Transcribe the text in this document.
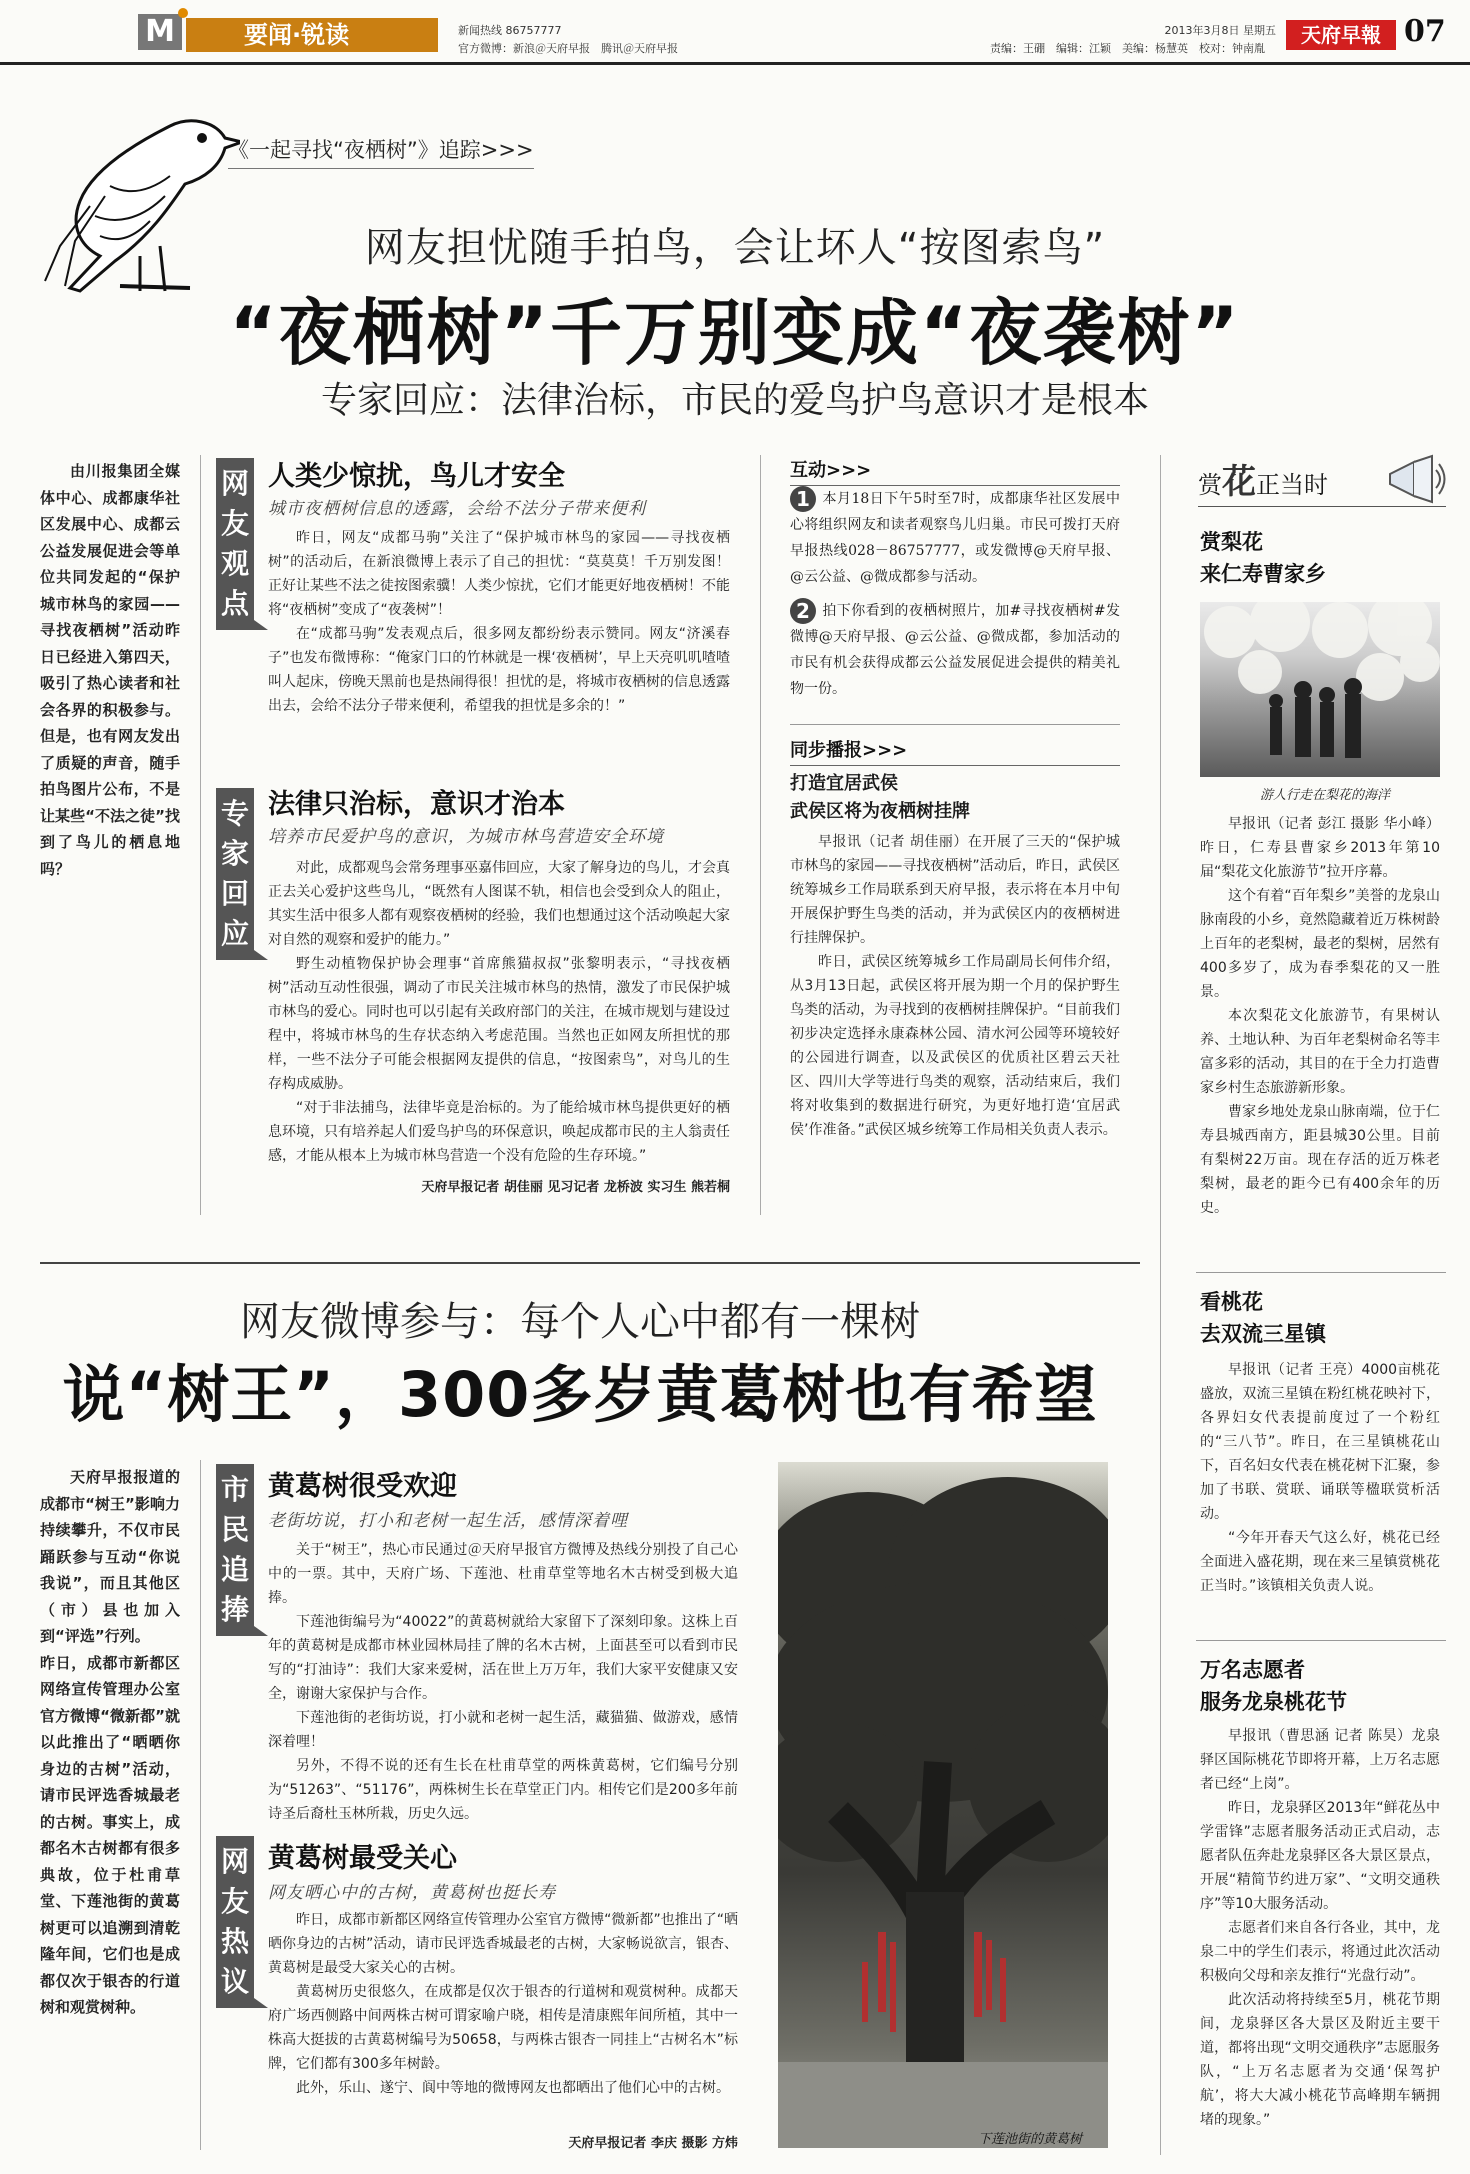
M	要闻·锐读	新闻热线 86757777
官方微博：新浪＠天府早报　腾讯＠天府早报
2013年3月8日 星期五
责编：王硼　编辑：江颖　美编：杨慧英　校对：钟南胤
天府早報 07
《一起寻找“夜栖树”》追踪>>>
网友担忧随手拍鸟，会让坏人“按图索鸟”
“夜栖树”千万别变成“夜袭树”
专家回应：法律治标，市民的爱鸟护鸟意识才是根本
由川报集团全媒体中心、成都康华社区发展中心、成都云公益发展促进会等单位共同发起的“保护城市林鸟的家园——寻找夜栖树”活动昨日已经进入第四天，吸引了热心读者和社会各界的积极参与。但是，也有网友发出了质疑的声音，随手拍鸟图片公布，不是让某些“不法之徒”找到了鸟儿的栖息地吗？
网
友
观
点
人类少惊扰，鸟儿才安全
城市夜栖树信息的透露，会给不法分子带来便利

昨日，网友“成都马驹”关注了“保护城市林鸟的家园——寻找夜栖树”的活动后，在新浪微博上表示了自己的担忧：“莫莫莫！千万别发图！正好让某些不法之徒按图索骥！人类少惊扰，它们才能更好地夜栖树！不能将“夜栖树”变成了“夜袭树”！

在“成都马驹”发表观点后，很多网友都纷纷表示赞同。网友“济溪春子”也发布微博称：“俺家门口的竹林就是一棵‘夜栖树’，早上天亮叽叽喳喳叫人起床，傍晚天黑前也是热闹得很！担忧的是，将城市夜栖树的信息透露出去，会给不法分子带来便利，希望我的担忧是多余的！”

专
家
回
应
法律只治标，意识才治本
培养市民爱护鸟的意识，为城市林鸟营造安全环境

对此，成都观鸟会常务理事巫嘉伟回应，大家了解身边的鸟儿，才会真正去关心爱护这些鸟儿，“既然有人图谋不轨，相信也会受到众人的阻止，其实生活中很多人都有观察夜栖树的经验，我们也想通过这个活动唤起大家对自然的观察和爱护的能力。”

野生动植物保护协会理事“首席熊猫叔叔”张黎明表示，“寻找夜栖树”活动互动性很强，调动了市民关注城市林鸟的热情，激发了市民保护城市林鸟的爱心。同时也可以引起有关政府部门的关注，在城市规划与建设过程中，将城市林鸟的生存状态纳入考虑范围。当然也正如网友所担忧的那样，一些不法分子可能会根据网友提供的信息，“按图索鸟”，对鸟儿的生存构成威胁。

“对于非法捕鸟，法律毕竟是治标的。为了能给城市林鸟提供更好的栖息环境，只有培养起人们爱鸟护鸟的环保意识，唤起成都市民的主人翁责任感，才能从根本上为城市林鸟营造一个没有危险的生存环境。”

天府早报记者 胡佳丽 见习记者 龙桥波 实习生 熊若桐
互动>>>
1 本月18日下午5时至7时，成都康华社区发展中心将组织网友和读者观察鸟儿归巢。市民可拨打天府早报热线028－86757777，或发微博@天府早报、@云公益、@微成都参与活动。
2 拍下你看到的夜栖树照片，加#寻找夜栖树#发微博@天府早报、@云公益、@微成都，参加活动的市民有机会获得成都云公益发展促进会提供的精美礼物一份。
同步播报>>>
打造宜居武侯
武侯区将为夜栖树挂牌

早报讯（记者 胡佳丽）在开展了三天的“保护城市林鸟的家园——寻找夜栖树”活动后，昨日，武侯区统筹城乡工作局联系到天府早报，表示将在本月中旬开展保护野生鸟类的活动，并为武侯区内的夜栖树进行挂牌保护。

昨日，武侯区统筹城乡工作局副局长何伟介绍，从3月13日起，武侯区将开展为期一个月的保护野生鸟类的活动，为寻找到的夜栖树挂牌保护。“目前我们初步决定选择永康森林公园、清水河公园等环境较好的公园进行调查，以及武侯区的优质社区碧云天社区、四川大学等进行鸟类的观察，活动结束后，我们将对收集到的数据进行研究，为更好地打造‘宜居武侯’作准备。”武侯区城乡统筹工作局相关负责人表示。

赏花正当时
赏梨花
来仁寿曹家乡
游人行走在梨花的海洋

早报讯（记者 彭江 摄影 华小峰）昨日，仁寿县曹家乡2013年第10届“梨花文化旅游节”拉开序幕。

这个有着“百年梨乡”美誉的龙泉山脉南段的小乡，竟然隐藏着近万株树龄上百年的老梨树，最老的梨树，居然有400多岁了，成为春季梨花的又一胜景。

本次梨花文化旅游节，有果树认养、土地认种、为百年老梨树命名等丰富多彩的活动，其目的在于全力打造曹家乡村生态旅游新形象。

曹家乡地处龙泉山脉南端，位于仁寿县城西南方，距县城30公里。目前有梨树22万亩。现在存活的近万株老梨树，最老的距今已有400余年的历史。

看桃花
去双流三星镇

早报讯（记者 王亮）4000亩桃花盛放，双流三星镇在粉红桃花映衬下，各界妇女代表提前度过了一个粉红的“三八节”。昨日，在三星镇桃花山下，百名妇女代表在桃花树下汇聚，参加了书联、赏联、诵联等楹联赏析活动。

“今年开春天气这么好，桃花已经全面进入盛花期，现在来三星镇赏桃花正当时。”该镇相关负责人说。

万名志愿者
服务龙泉桃花节

早报讯（曹思涵 记者 陈昊）龙泉驿区国际桃花节即将开幕，上万名志愿者已经“上岗”。

昨日，龙泉驿区2013年“鲜花丛中学雷锋”志愿者服务活动正式启动，志愿者队伍奔赴龙泉驿区各大景区景点，开展“精简节约进万家”、“文明交通秩序”等10大服务活动。

志愿者们来自各行各业，其中，龙泉二中的学生们表示，将通过此次活动积极向父母和亲友推行“光盘行动”。

此次活动将持续至5月，桃花节期间，龙泉驿区各大景区及附近主要干道，都将出现“文明交通秩序”志愿服务队，“上万名志愿者为交通‘保驾护航’，将大大减小桃花节高峰期车辆拥堵的现象。”

网友微博参与：每个人心中都有一棵树
说“树王”，300多岁黄葛树也有希望
天府早报报道的成都市“树王”影响力持续攀升，不仅市民踊跃参与互动“你说我说”，而且其他区（市）县也加入到“评选”行列。
昨日，成都市新都区网络宣传管理办公室官方微博“微新都”就以此推出了“晒晒你身边的古树”活动，请市民评选香城最老的古树。事实上，成都名木古树都有很多典故，位于杜甫草堂、下莲池街的黄葛树更可以追溯到清乾隆年间，它们也是成都仅次于银杏的行道树和观赏树种。
市
民
追
捧
黄葛树很受欢迎
老街坊说，打小和老树一起生活，感情深着哩

关于“树王”，热心市民通过＠天府早报官方微博及热线分别投了自己心中的一票。其中，天府广场、下莲池、杜甫草堂等地名木古树受到极大追捧。

下莲池街编号为“40022”的黄葛树就给大家留下了深刻印象。这株上百年的黄葛树是成都市林业园林局挂了牌的名木古树，上面甚至可以看到市民写的“打油诗”：我们大家来爱树，活在世上万万年，我们大家平安健康又安全，谢谢大家保护与合作。

下莲池街的老街坊说，打小就和老树一起生活，藏猫猫、做游戏，感情深着哩！

另外，不得不说的还有生长在杜甫草堂的两株黄葛树，它们编号分别为“51263”、“51176”，两株树生长在草堂正门内。相传它们是200多年前诗圣后裔杜玉林所栽，历史久远。

网
友
热
议
黄葛树最受关心
网友晒心中的古树，黄葛树也挺长寿

昨日，成都市新都区网络宣传管理办公室官方微博“微新都”也推出了“晒晒你身边的古树”活动，请市民评选香城最老的古树，大家畅说欲言，银杏、黄葛树是最受大家关心的古树。

黄葛树历史很悠久，在成都是仅次于银杏的行道树和观赏树种。成都天府广场西侧路中间两株古树可谓家喻户晓，相传是清康熙年间所植，其中一株高大挺拔的古黄葛树编号为50658，与两株古银杏一同挂上“古树名木”标牌，它们都有300多年树龄。

此外，乐山、遂宁、阆中等地的微博网友也都晒出了他们心中的古树。

天府早报记者 李庆 摄影 方炜	下莲池街的黄葛树
